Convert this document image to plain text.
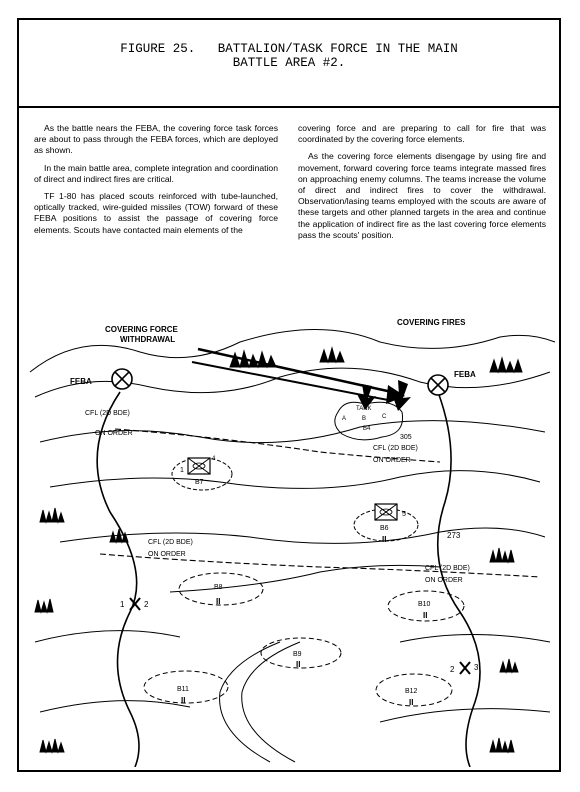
FIGURE 25.   BATTALION/TASK FORCE IN THE MAIN
BATTLE AREA #2.

As the battle nears the FEBA, the covering force task forces are about to pass through the FEBA forces, which are deployed as shown.

In the main battle area, complete integration and coordination of direct and indirect fires are critical.

TF 1-80 has placed scouts reinforced with tube-launched, optically tracked, wire-guided missiles (TOW) forward of these FEBA positions to assist the passage of covering force elements. Scouts have contacted main elements of the

covering force and are preparing to call for fire that was coordinated by the covering force elements.

As the covering force elements disengage by using fire and movement, forward covering force teams integrate massed fires on approaching enemy columns. The teams increase the volume of direct and indirect fires to cover the withdrawal. Observation/lasing teams employed with the scouts are aware of these targets and other planned targets in the area and continue the application of indirect fire as the last covering force elements pass the scouts' position.

FEBA
FEBA
COVERING FORCE
WITHDRAWAL
COVERING FIRES
TANK
A	B	C
B4
305
CFL (2D BDE)
ON ORDER
CFL (2D BDE)
ON ORDER
CFL (2D BDE)
ON ORDER
CFL (2D BDE)
ON ORDER
B7
1
4
B6
5
II	273
B8
II	B10
II
B9
II
B11
II
B12
II
1 2
2 3
